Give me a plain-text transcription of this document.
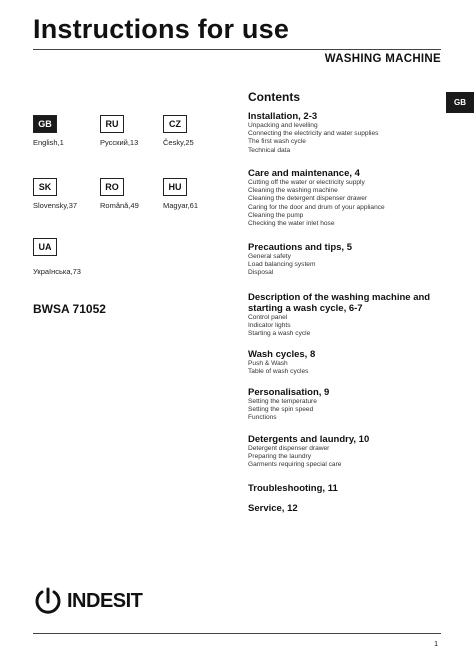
Instructions for use
WASHING MACHINE
GB
GB
English,1
RU
Русский,13
CZ
Česky,25
SK
Slovensky,37
RO
Română,49
HU
Magyar,61
UA
Українська,73
BWSA 71052
Contents
Installation, 2-3
Unpacking and levelling
Connecting the electricity and water supplies
The first wash cycle
Technical data
Care and maintenance, 4
Cutting off the water or electricity supply
Cleaning the washing machine
Cleaning the detergent dispenser drawer
Caring for the door and drum of your appliance
Cleaning the pump
Checking the water inlet hose
Precautions and tips, 5
General safety
Load balancing system
Disposal
Description of the washing machine and starting a wash cycle, 6-7
Control panel
Indicator lights
Starting a wash cycle
Wash cycles, 8
Push & Wash
Table of wash cycles
Personalisation, 9
Setting the temperature
Setting the spin speed
Functions
Detergents and laundry, 10
Detergent dispenser drawer
Preparing the laundry
Garments requiring special care
Troubleshooting, 11
Service, 12
INDESIT
1
